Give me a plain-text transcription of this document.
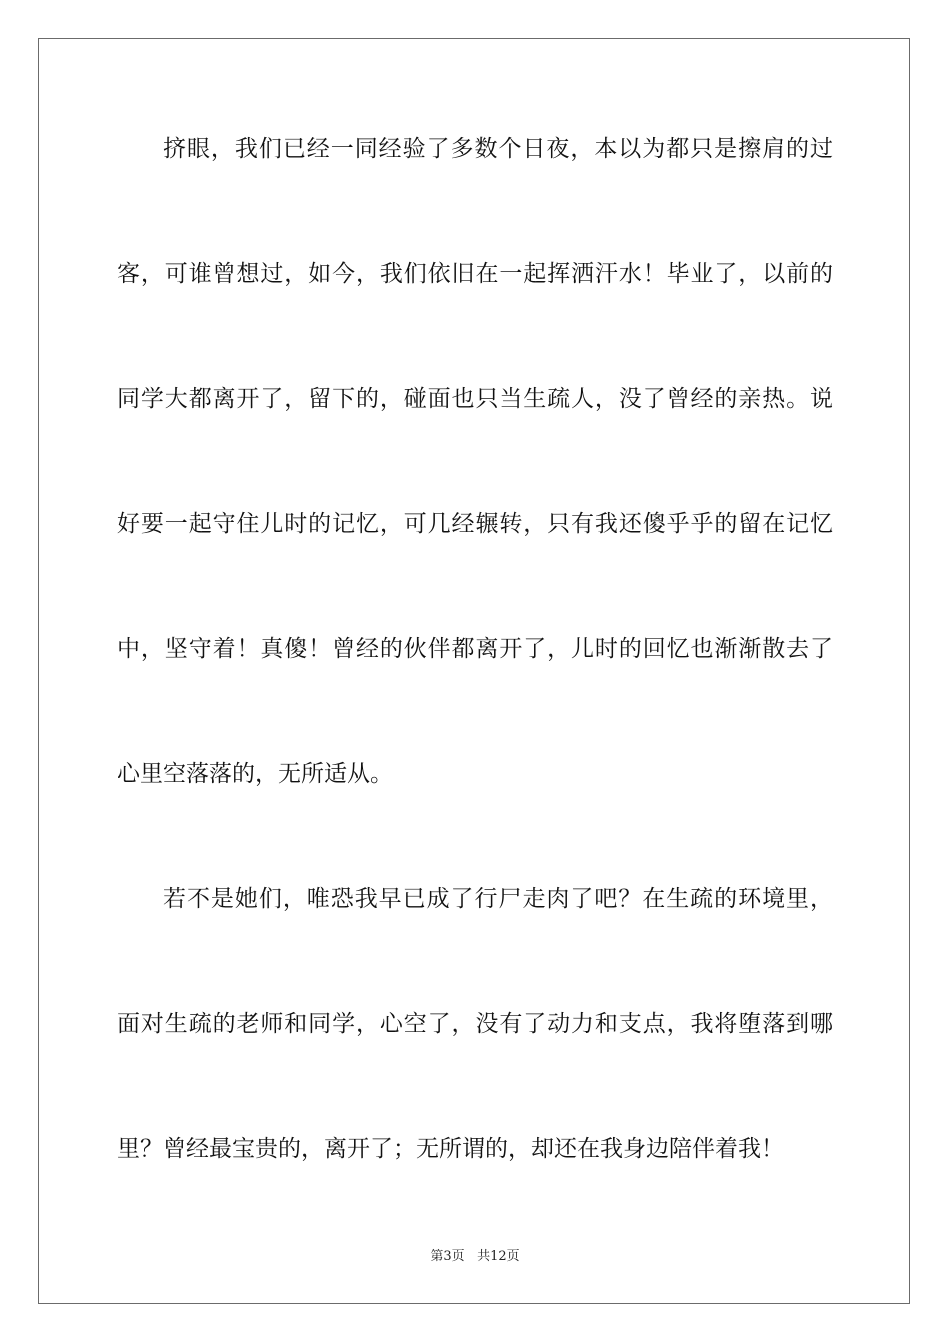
挤眼，我们已经一同经验了多数个日夜，本以为都只是擦肩的过
客，可谁曾想过，如今，我们依旧在一起挥洒汗水！毕业了，以前的
同学大都离开了，留下的，碰面也只当生疏人，没了曾经的亲热。说
好要一起守住儿时的记忆，可几经辗转，只有我还傻乎乎的留在记忆
中，坚守着！真傻！曾经的伙伴都离开了，儿时的回忆也渐渐散去了
心里空落落的，无所适从。
若不是她们，唯恐我早已成了行尸走肉了吧？在生疏的环境里，
面对生疏的老师和同学，心空了，没有了动力和支点，我将堕落到哪
里？曾经最宝贵的，离开了；无所谓的，却还在我身边陪伴着我！
第3页 共12页
